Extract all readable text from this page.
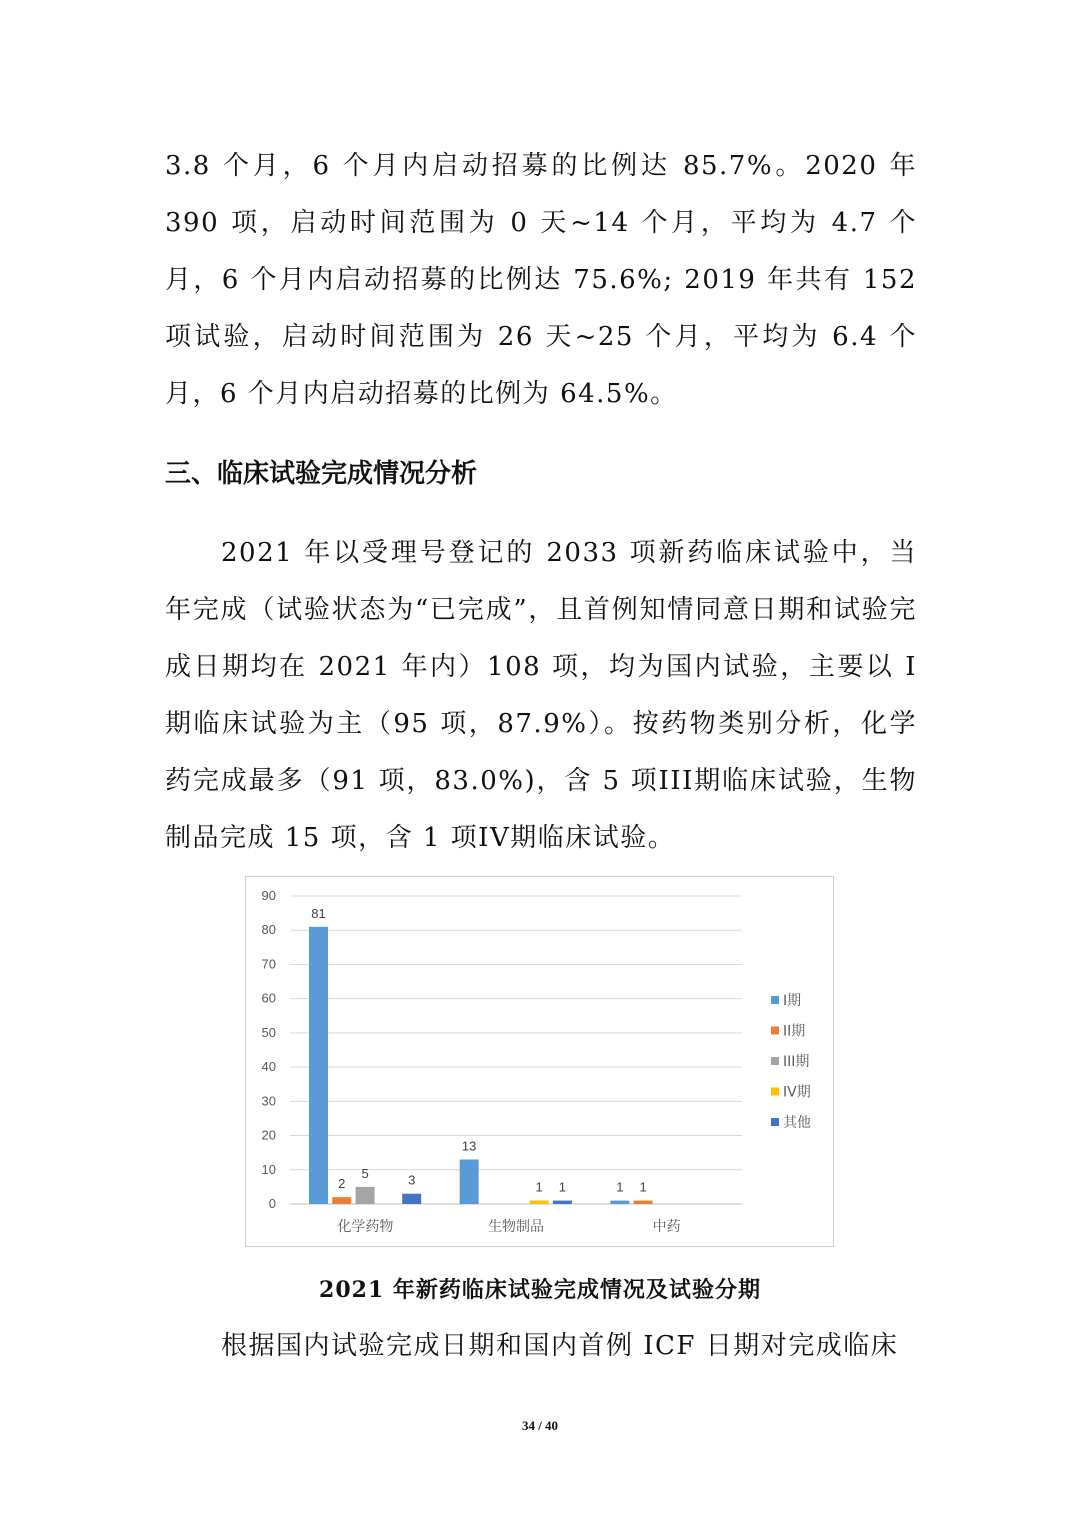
3.8 个月，6 个月内启动招募的比例达 85.7%。2020 年 390 项，启动时间范围为 0 天~14 个月，平均为 4.7 个月，6 个月内启动招募的比例达 75.6%; 2019 年共有 152 项试验，启动时间范围为 26 天~25 个月，平均为 6.4 个月，6 个月内启动招募的比例为 64.5%。

三、临床试验完成情况分析

2021 年以受理号登记的 2033 项新药临床试验中，当年完成（试验状态为“已完成”，且首例知情同意日期和试验完成日期均在 2021 年内）108 项，均为国内试验，主要以 I 期临床试验为主（95 项，87.9%）。按药物类别分析，化学药完成最多（91 项，83.0%)，含 5 项III期临床试验，生物制品完成 15 项，含 1 项IV期临床试验。

0
10
20
30
40
50
60
70
80
90
81
2
5	3
化学药物
13
1 1
生物制品
1 1
中药
I期
II期
III期
IV期
其他

2021 年新药临床试验完成情况及试验分期

根据国内试验完成日期和国内首例 ICF 日期对完成临床

34 / 40
